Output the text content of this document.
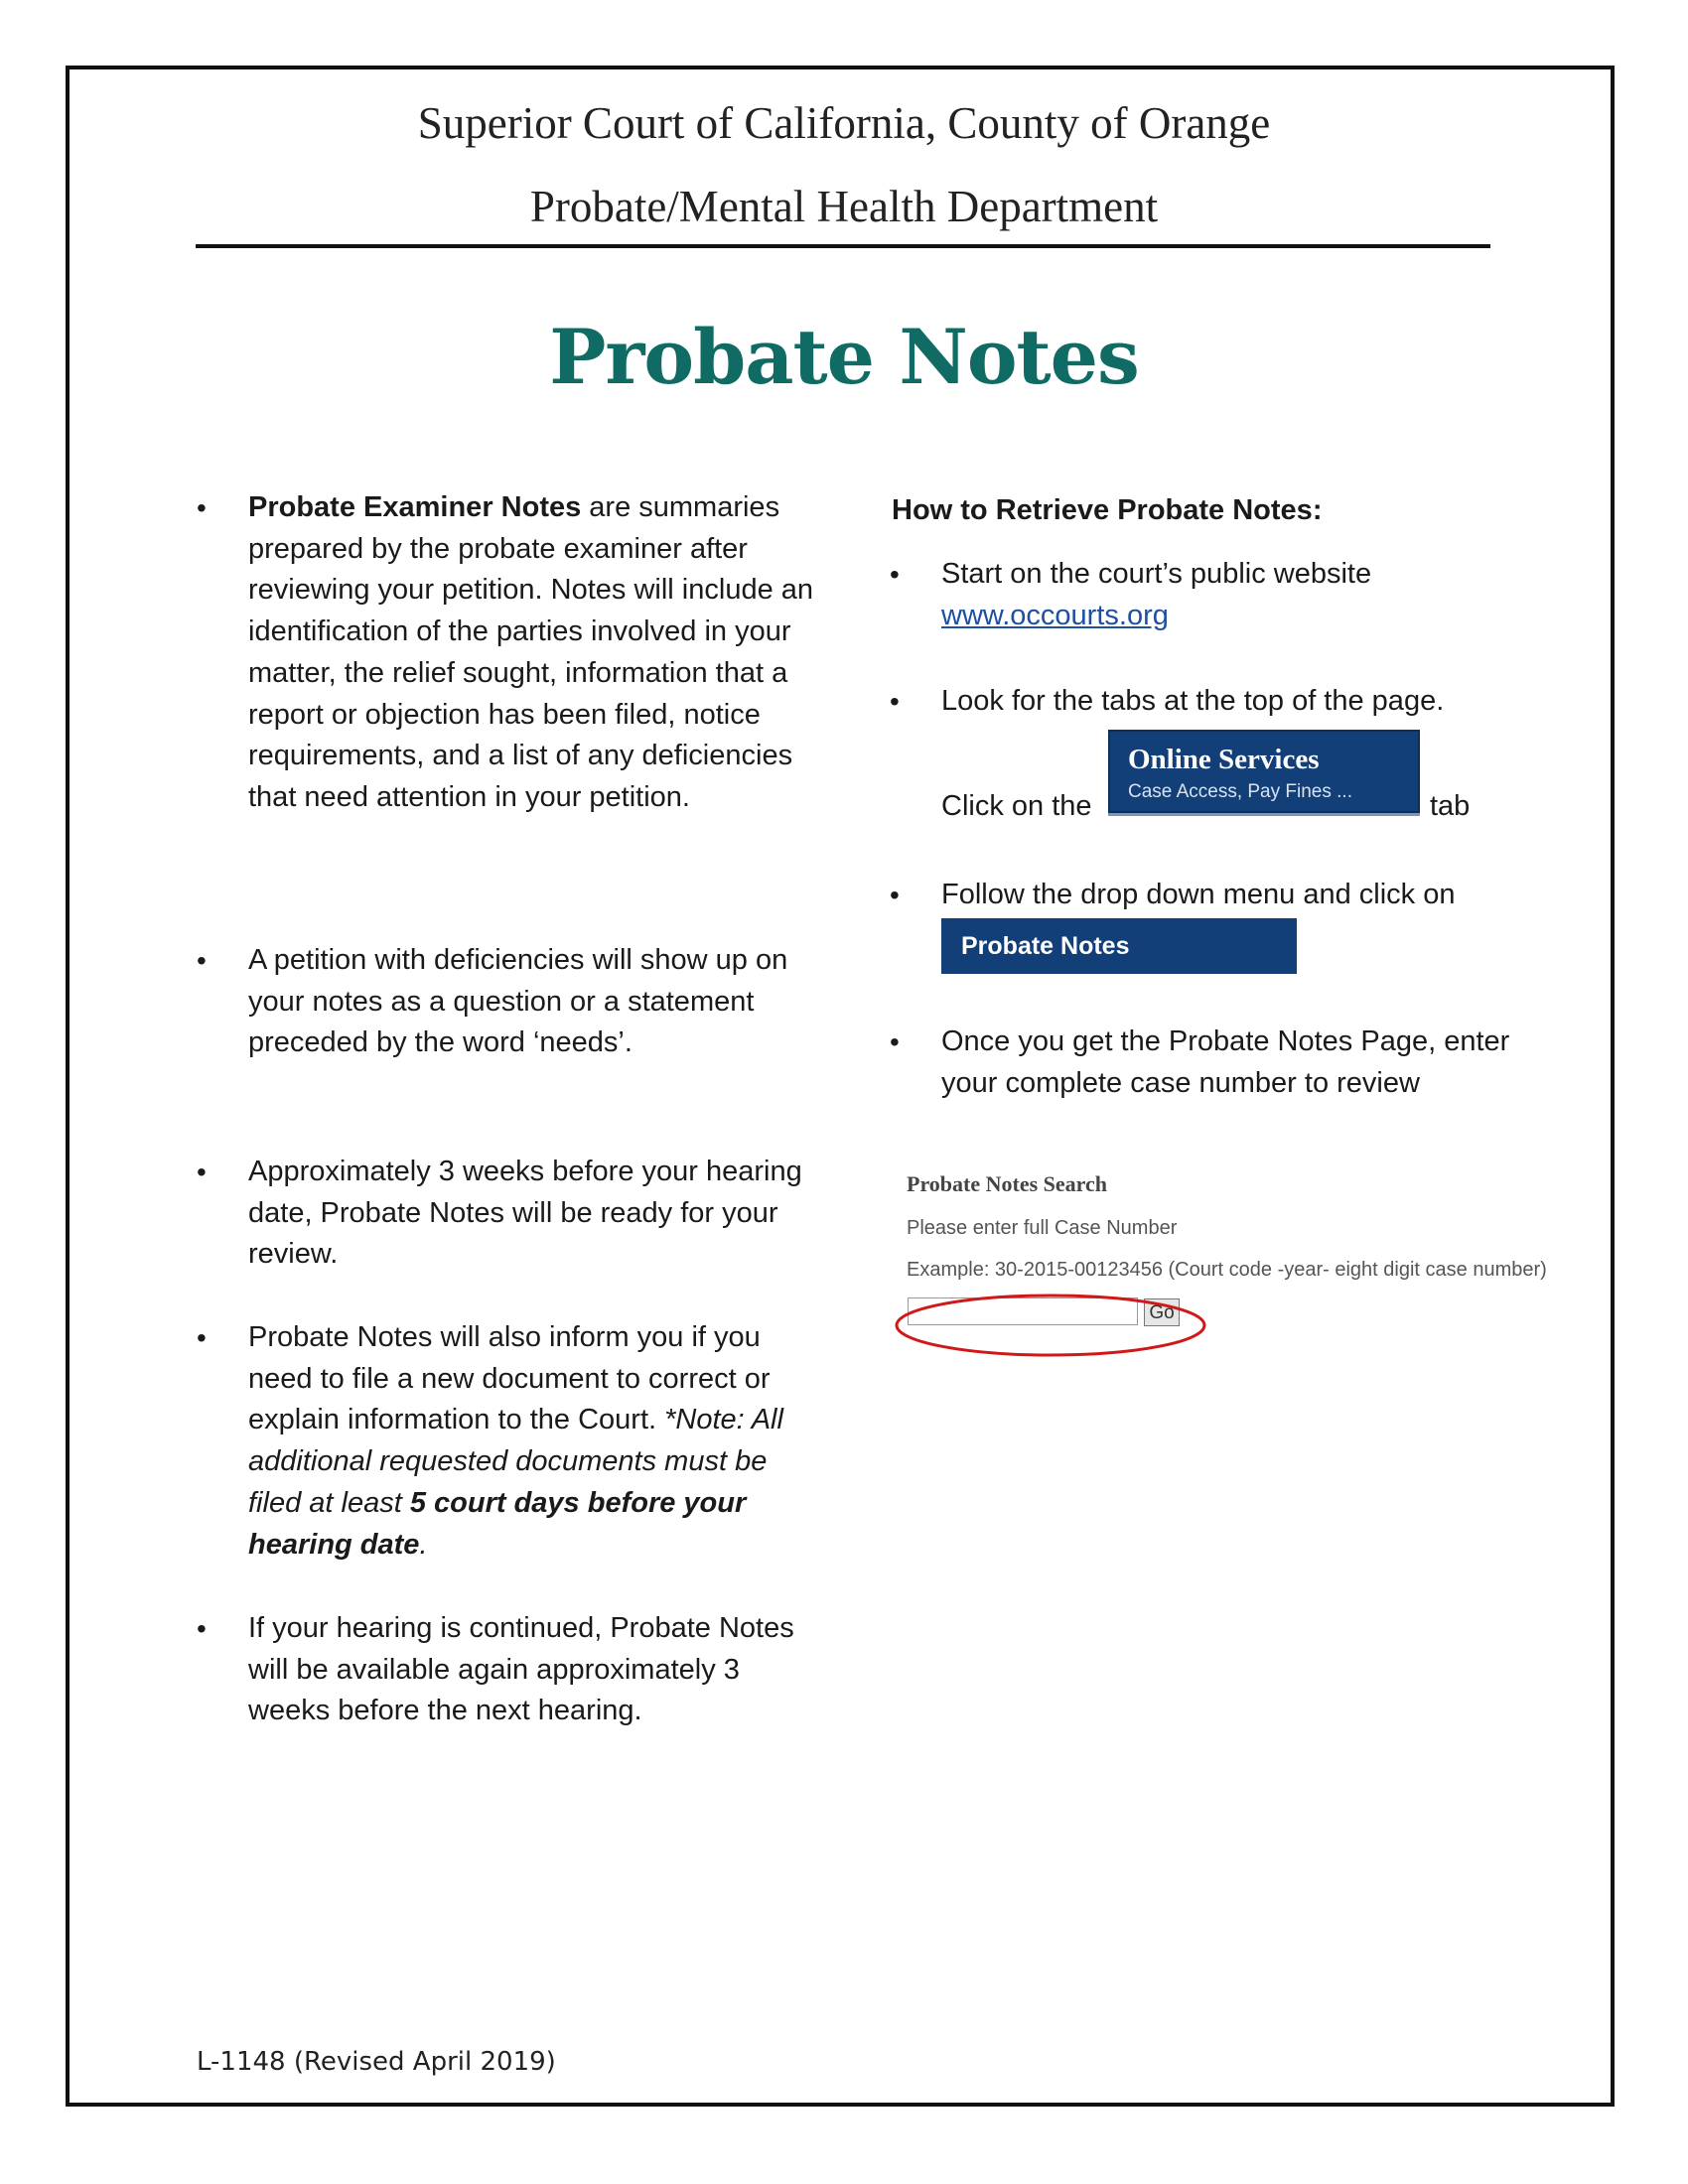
Superior Court of California, County of Orange
Probate/Mental Health Department
Probate Notes
• Probate Examiner Notes are summaries prepared by the probate examiner after reviewing your petition. Notes will include an identification of the parties involved in your matter, the relief sought, information that a report or objection has been filed, notice requirements, and a list of any deficiencies that need attention in your petition.
• A petition with deficiencies will show up on your notes as a question or a statement preceded by the word ‘needs’.
• Approximately 3 weeks before your hearing date, Probate Notes will be ready for your review.
• Probate Notes will also inform you if you need to file a new document to correct or explain information to the Court. *Note: All additional requested documents must be filed at least 5 court days before your hearing date.
• If your hearing is continued, Probate Notes will be available again approximately 3 weeks before the next hearing.
How to Retrieve Probate Notes:
• Start on the court’s public website www.occourts.org
• Look for the tabs at the top of the page.
Click on the
Online Services
Case Access, Pay Fines ...	tab
• Follow the drop down menu and click on
Probate Notes
• Once you get the Probate Notes Page, enter your complete case number to review
Probate Notes Search
Please enter full Case Number
Example: 30-2015-00123456 (Court code -year- eight digit case number)
Go
L-1148 (Revised April 2019)
